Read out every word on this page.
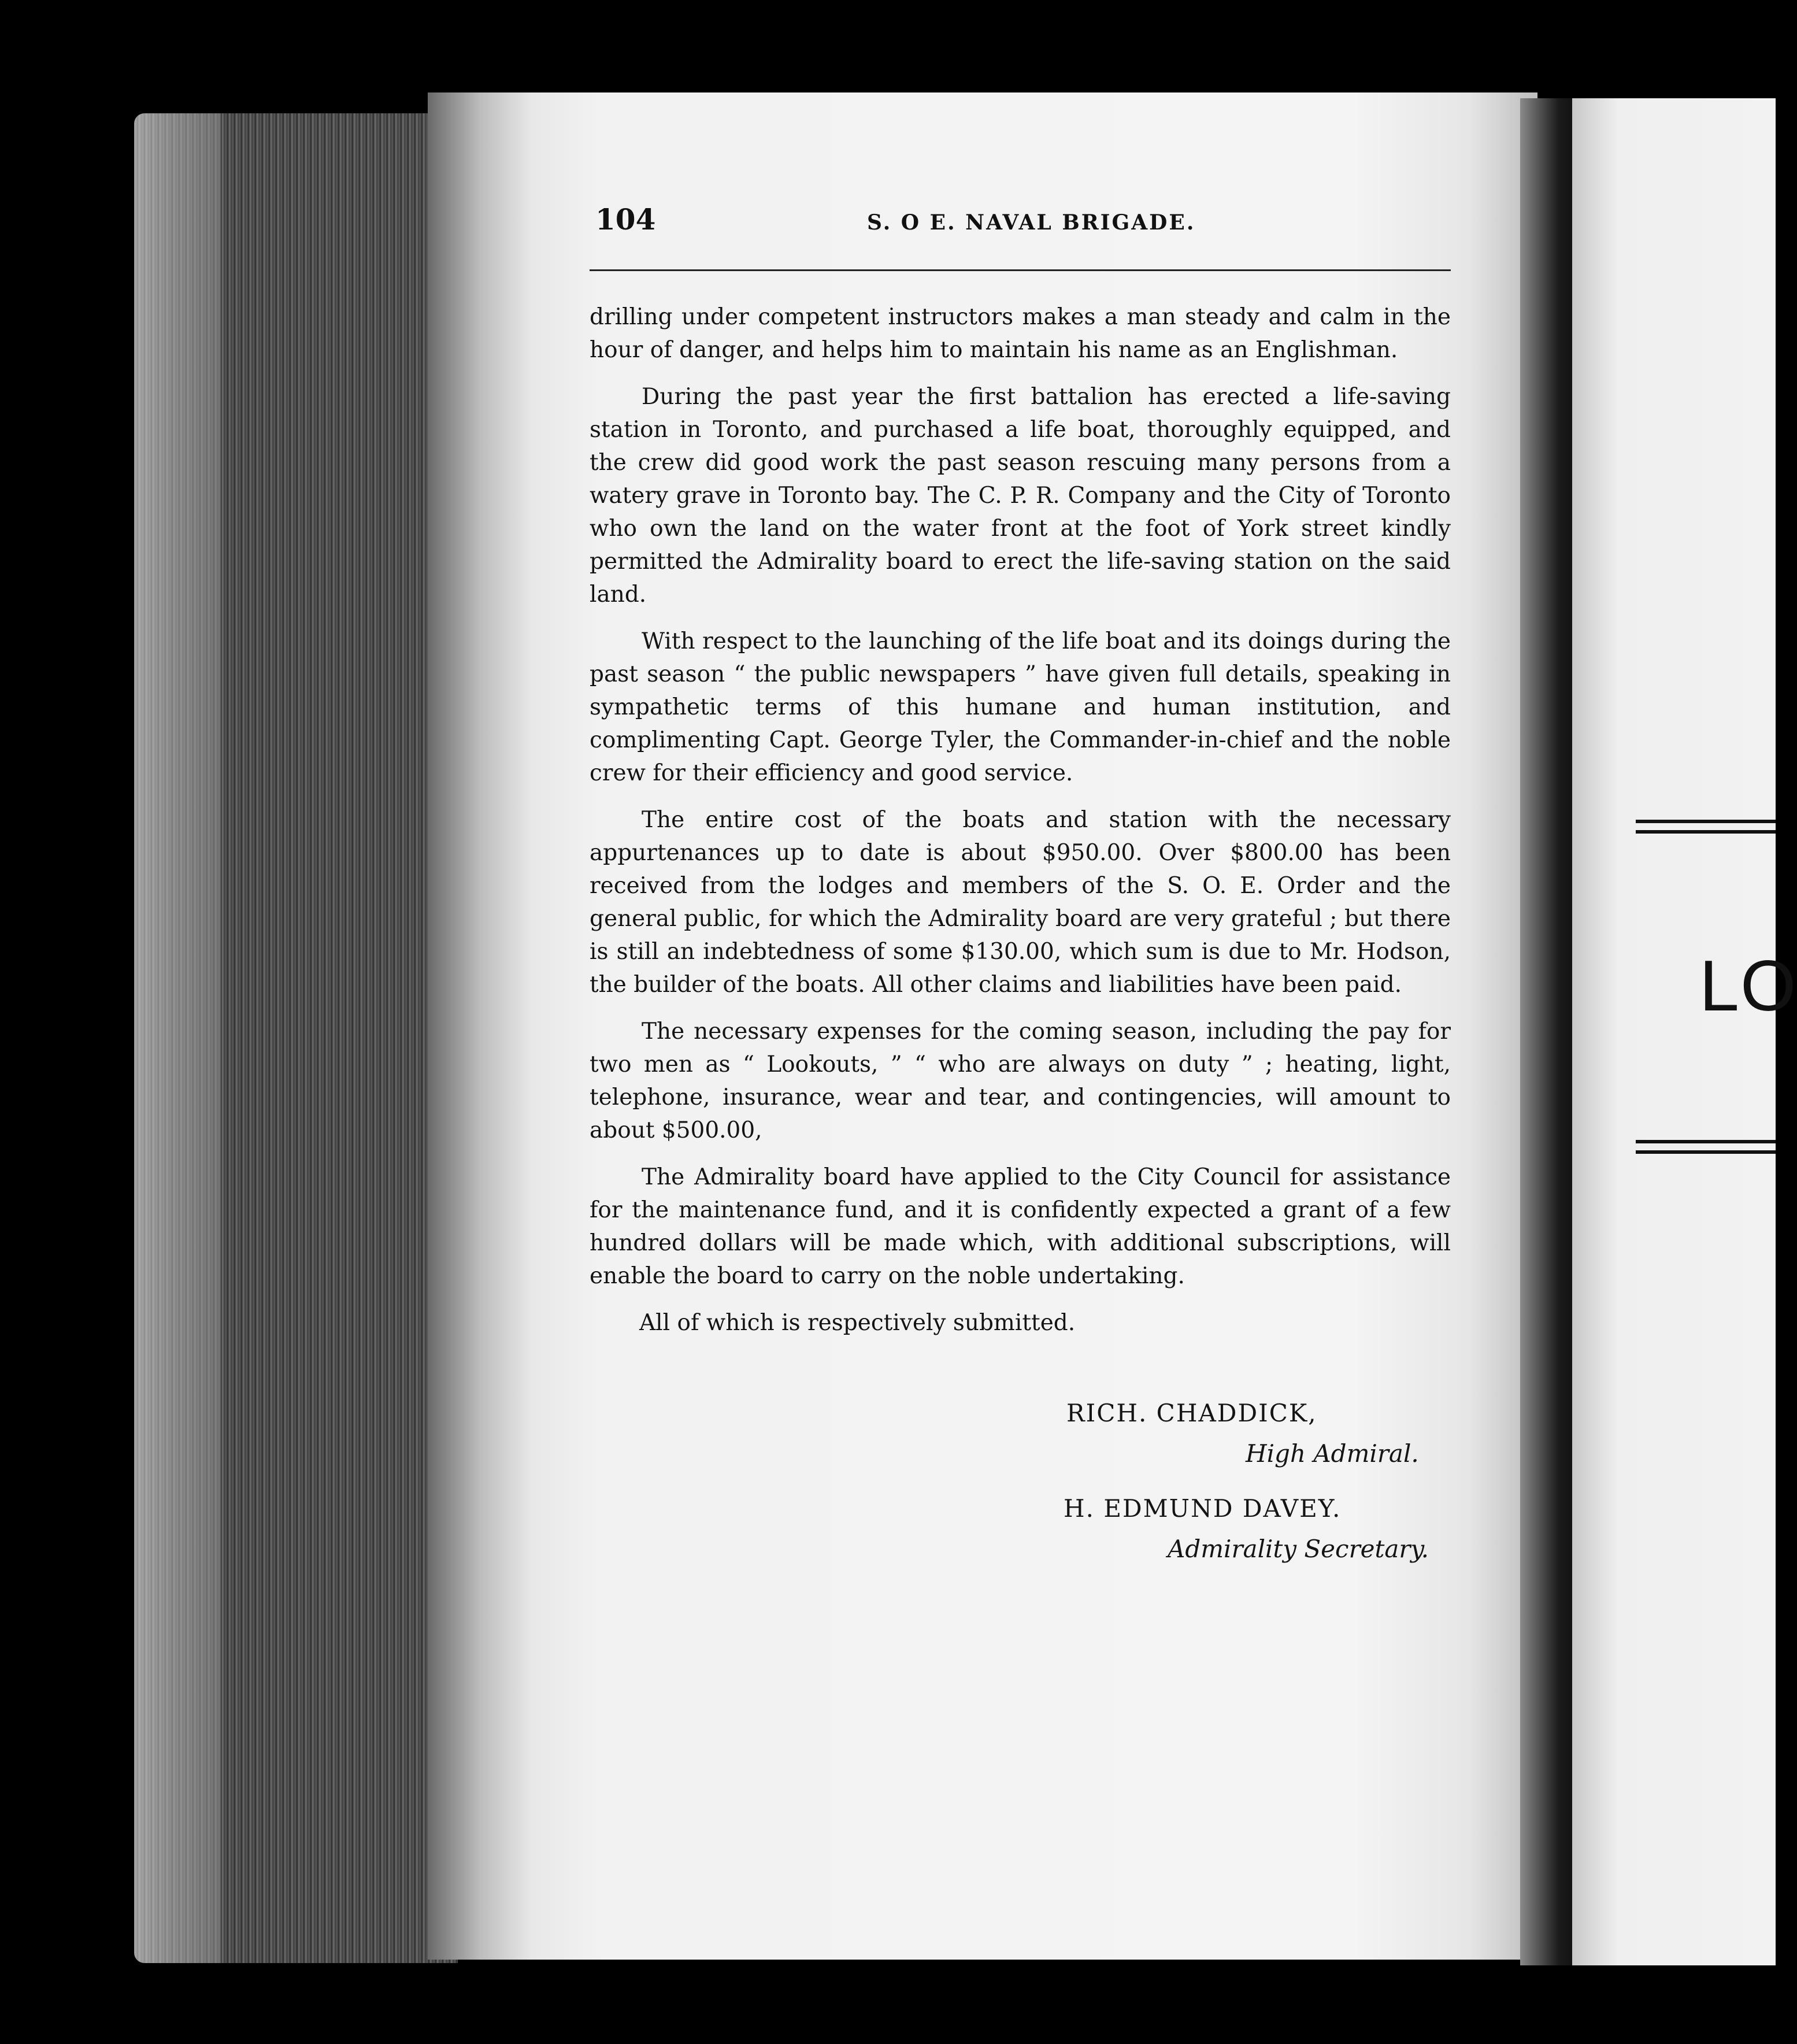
LO
104	S. O E. NAVAL BRIGADE.

drilling under competent instructors makes a man steady and calm in the hour of danger, and helps him to maintain his name as an Englishman.

During the past year the first battalion has erected a life-saving station in Toronto, and purchased a life boat, thoroughly equipped, and the crew did good work the past season rescuing many persons from a watery grave in Toronto bay. The C. P. R. Company and the City of Toronto who own the land on the water front at the foot of York street kindly permitted the Admirality board to erect the life-saving station on the said land.

With respect to the launching of the life boat and its doings during the past season “ the public newspapers ” have given full details, speaking in sympathetic terms of this humane and human institution, and complimenting Capt. George Tyler, the Commander-in-chief and the noble crew for their efficiency and good service.

The entire cost of the boats and station with the necessary appurtenances up to date is about $950.00. Over $800.00 has been received from the lodges and members of the S. O. E. Order and the general public, for which the Admirality board are very grateful ; but there is still an indebtedness of some $130.00, which sum is due to Mr. Hodson, the builder of the boats. All other claims and liabilities have been paid.

The necessary expenses for the coming season, including the pay for two men as “ Lookouts, ” “ who are always on duty ” ; heating, light, telephone, insurance, wear and tear, and contingencies, will amount to about $500.00,

The Admirality board have applied to the City Council for assistance for the maintenance fund, and it is confidently expected a grant of a few hundred dollars will be made which, with additional subscriptions, will enable the board to carry on the noble undertaking.

All of which is respectively submitted.

RICH. CHADDICK,
High Admiral.
H. EDMUND DAVEY.
Admirality Secretary.
